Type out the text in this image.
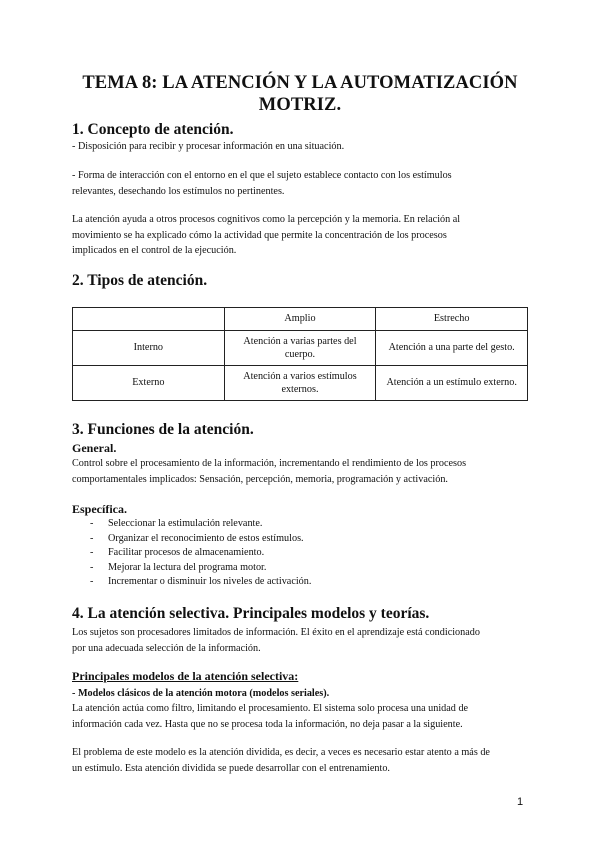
TEMA 8: LA ATENCIÓN Y LA AUTOMATIZACIÓN
MOTRIZ.
1. Concepto de atención.
- Disposición para recibir y procesar información en una situación.
- Forma de interacción con el entorno en el que el sujeto establece contacto con los estímulos
relevantes, desechando los estímulos no pertinentes.
La atención ayuda a otros procesos cognitivos como la percepción y la memoria. En relación al
movimiento se ha explicado cómo la actividad que permite la concentración de los procesos
implicados en el control de la ejecución.
2. Tipos de atención.
	Amplio	Estrecho
Interno	Atención a varias partes del cuerpo.	Atención a una parte del gesto.
Externo	Atención a varios estímulos externos.	Atención a un estímulo externo.
3. Funciones de la atención.
General.
Control sobre el procesamiento de la información, incrementando el rendimiento de los procesos
comportamentales implicados: Sensación, percepción, memoria, programación y activación.
Específica.
- Seleccionar la estimulación relevante.
- Organizar el reconocimiento de estos estímulos.
- Facilitar procesos de almacenamiento.
- Mejorar la lectura del programa motor.
- Incrementar o disminuir los niveles de activación.
4. La atención selectiva. Principales modelos y teorías.
Los sujetos son procesadores limitados de información. El éxito en el aprendizaje está condicionado
por una adecuada selección de la información.
Principales modelos de la atención selectiva:
- Modelos clásicos de la atención motora (modelos seriales).
La atención actúa como filtro, limitando el procesamiento. El sistema solo procesa una unidad de
información cada vez. Hasta que no se procesa toda la información, no deja pasar a la siguiente.
El problema de este modelo es la atención dividida, es decir, a veces es necesario estar atento a más de
un estímulo. Esta atención dividida se puede desarrollar con el entrenamiento.
1
